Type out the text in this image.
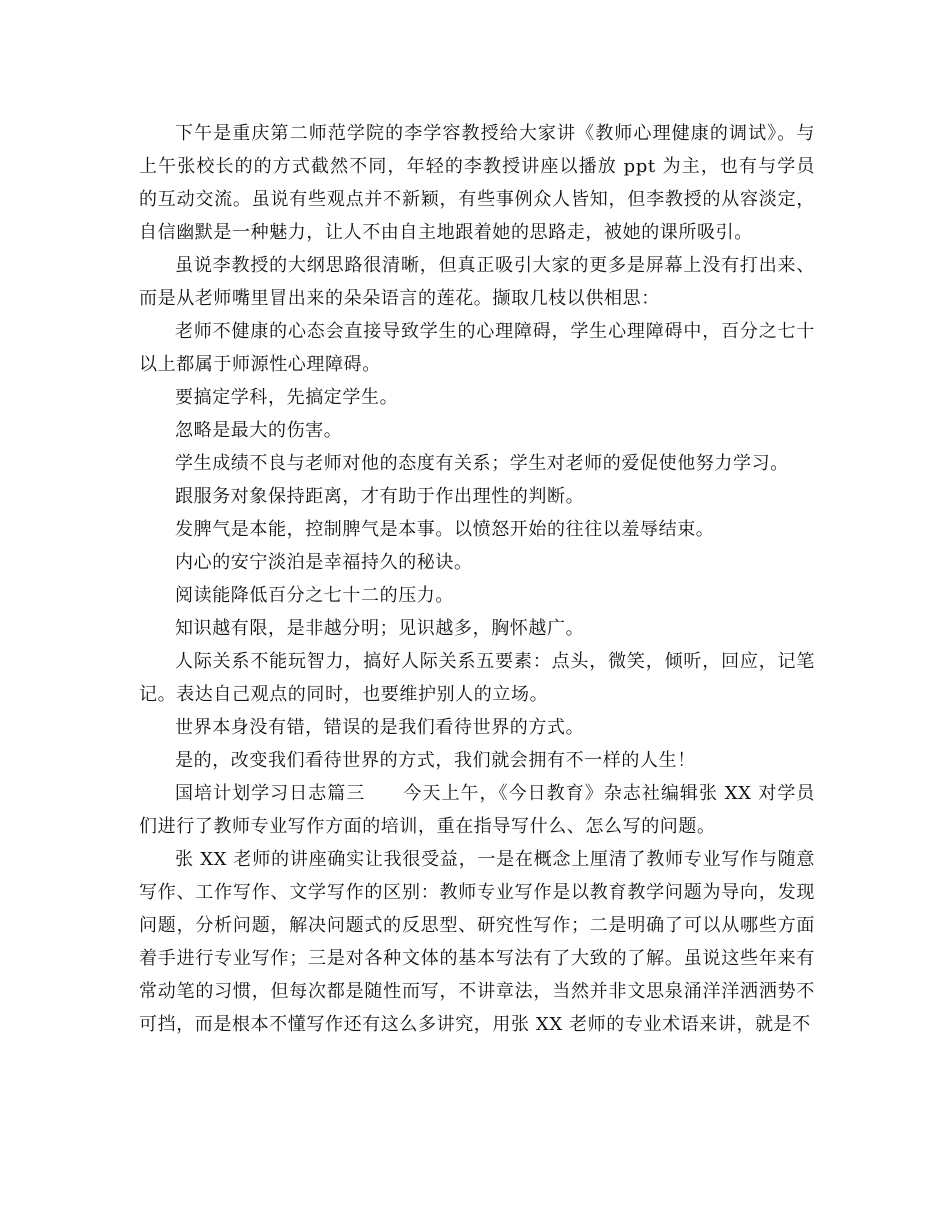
下午是重庆第二师范学院的李学容教授给大家讲《教师心理健康的调试》。与上午张校长的的方式截然不同，年轻的李教授讲座以播放 ppt 为主，也有与学员的互动交流。虽说有些观点并不新颖，有些事例众人皆知，但李教授的从容淡定，自信幽默是一种魅力，让人不由自主地跟着她的思路走，被她的课所吸引。

虽说李教授的大纲思路很清晰，但真正吸引大家的更多是屏幕上没有打出来、而是从老师嘴里冒出来的朵朵语言的莲花。撷取几枝以供相思：

老师不健康的心态会直接导致学生的心理障碍，学生心理障碍中，百分之七十以上都属于师源性心理障碍。

要搞定学科，先搞定学生。

忽略是最大的伤害。

学生成绩不良与老师对他的态度有关系；学生对老师的爱促使他努力学习。

跟服务对象保持距离，才有助于作出理性的判断。

发脾气是本能，控制脾气是本事。以愤怒开始的往往以羞辱结束。

内心的安宁淡泊是幸福持久的秘诀。

阅读能降低百分之七十二的压力。

知识越有限，是非越分明；见识越多，胸怀越广。

人际关系不能玩智力，搞好人际关系五要素：点头，微笑，倾听，回应，记笔记。表达自己观点的同时，也要维护别人的立场。

世界本身没有错，错误的是我们看待世界的方式。

是的，改变我们看待世界的方式，我们就会拥有不一样的人生！

国培计划学习日志篇三　　今天上午，《今日教育》杂志社编辑张 XX 对学员们进行了教师专业写作方面的培训，重在指导写什么、怎么写的问题。

张 XX 老师的讲座确实让我很受益，一是在概念上厘清了教师专业写作与随意写作、工作写作、文学写作的区别：教师专业写作是以教育教学问题为导向，发现问题，分析问题，解决问题式的反思型、研究性写作；二是明确了可以从哪些方面着手进行专业写作；三是对各种文体的基本写法有了大致的了解。虽说这些年来有常动笔的习惯，但每次都是随性而写，不讲章法，当然并非文思泉涌洋洋洒洒势不可挡，而是根本不懂写作还有这么多讲究，用张 XX 老师的专业术语来讲，就是不
